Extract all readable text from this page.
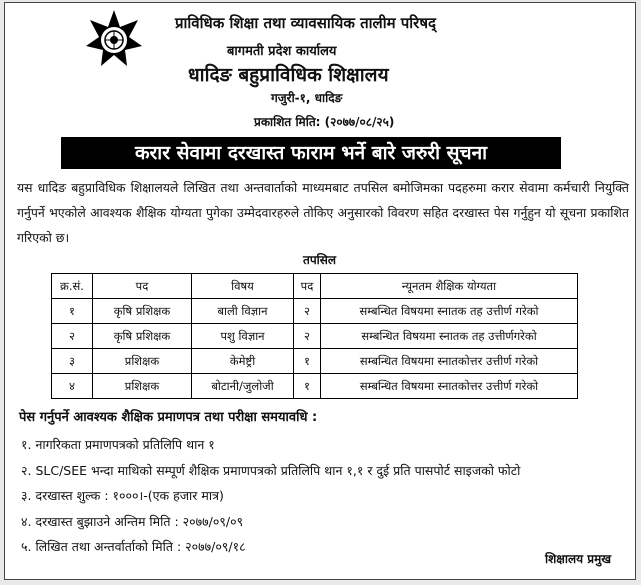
प्राविधिक शिक्षा तथा व्यावसायिक तालीम परिषद्
बागमती प्रदेश कार्यालय
धादिङ बहुप्राविधिक शिक्षालय
गजुरी-१, धादिङ
प्रकाशित मिति: (२०७७/०८/२५)
करार सेवामा दरखास्त फाराम भर्ने बारे जरुरी सूचना
यस धादिङ बहुप्राविधिक शिक्षालयले लिखित तथा अन्तवार्ताको माध्यमबाट तपसिल बमोजिमका पदहरुमा करार सेवामा कर्मचारी नियुक्ति गर्नुपर्ने भएकोले आवश्यक शैक्षिक योग्यता पुगेका उम्मेदवारहरुले तोकिए अनुसारको विवरण सहित दरखास्त पेस गर्नुहुन यो सूचना प्रकाशित गरिएको छ।
तपसिल
क्र.सं.	पद	विषय	पद	न्यूनतम शैक्षिक योग्यता
१	कृषि प्रशिक्षक	बाली विज्ञान	२	सम्बन्धित विषयमा स्नातक तह उत्तीर्ण गरेको
२	कृषि प्रशिक्षक	पशु विज्ञान	२	सम्बन्धित विषयमा स्नातक तह उत्तीर्णगरेको
३	प्रशिक्षक	केमेष्ट्री	१	सम्बन्धित विषयमा स्नातकोत्तर उत्तीर्ण गरेको
४	प्रशिक्षक	बोटानी/जुलोजी	१	सम्बन्धित विषयमा स्नातकोत्तर उत्तीर्ण गरेको
पेस गर्नुपर्ने आवश्यक शैक्षिक प्रमाणपत्र तथा परीक्षा समयावधि :
१. नागरिकता प्रमाणपत्रको प्रतिलिपि थान १
२. SLC/SEE भन्दा माथिको सम्पूर्ण शैक्षिक प्रमाणपत्रको प्रतिलिपि थान १,१ र दुई प्रति पासपोर्ट साइजको फोटो
३. दरखास्त शुल्क : १०००।-(एक हजार मात्र)
४. दरखास्त बुझाउने अन्तिम मिति : २०७७/०९/०९
५. लिखित तथा अन्तर्वार्ताको मिति : २०७७/०९/१८
शिक्षालय प्रमुख
